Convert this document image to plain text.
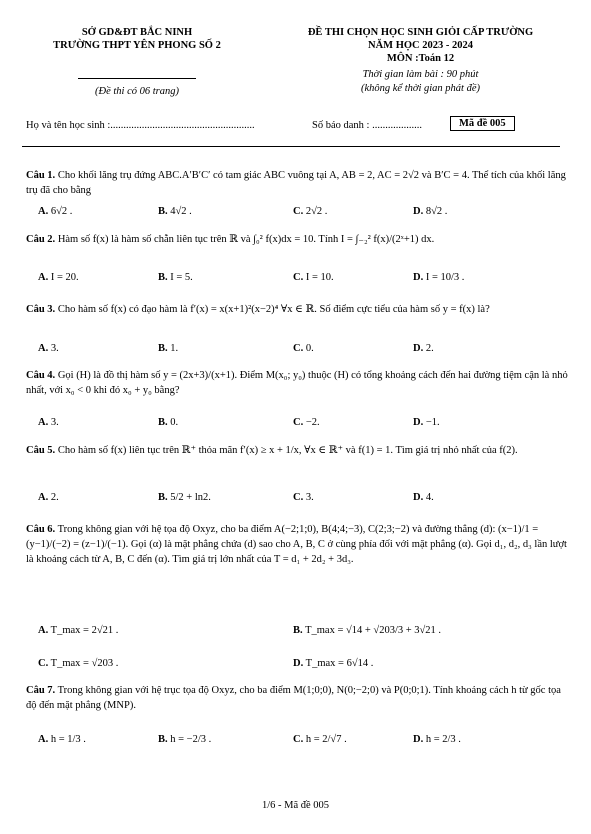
SỞ GD&ĐT BẮC NINH
TRƯỜNG THPT YÊN PHONG SỐ 2
(Đề thi có 06 trang)
ĐỀ THI CHỌN HỌC SINH GIỎI CẤP TRƯỜNG
NĂM HỌC 2023 - 2024
MÔN :Toán 12
Thời gian làm bài : 90 phút
(không kể thời gian phát đề)
Họ và tên học sinh :.......................................................	Số báo danh : ...................	Mã đề 005
Câu 1. Cho khối lăng trụ đứng ABC.A′B′C′ có tam giác ABC vuông tại A, AB = 2, AC = 2√2 và B′C = 4. Thể tích của khối lăng trụ đã cho bằng
A. 6√2 .	B. 4√2 .	C. 2√2 .	D. 8√2 .
Câu 2. Hàm số f(x) là hàm số chẵn liên tục trên ℝ và ∫₀² f(x)dx = 10. Tính I = ∫₋₂² f(x)/(2ˣ+1) dx.
A. I = 20.	B. I = 5.	C. I = 10.	D. I = 10/3 .
Câu 3. Cho hàm số f(x) có đạo hàm là f′(x) = x(x+1)²(x−2)⁴ ∀x ∈ ℝ. Số điểm cực tiểu của hàm số y = f(x) là?
A. 3.	B. 1.	C. 0.	D. 2.
Câu 4. Gọi (H) là đồ thị hàm số y = (2x+3)/(x+1). Điểm M(x₀; y₀) thuộc (H) có tổng khoảng cách đến hai đường tiệm cận là nhỏ nhất, với x₀ < 0 khi đó x₀ + y₀ bằng?
A. 3.	B. 0.	C. −2.	D. −1.
Câu 5. Cho hàm số f(x) liên tục trên ℝ⁺ thỏa mãn f′(x) ≥ x + 1/x, ∀x ∈ ℝ⁺ và f(1) = 1. Tìm giá trị nhỏ nhất của f(2).
A. 2.	B. 5/2 + ln2.	C. 3.	D. 4.
Câu 6. Trong không gian với hệ tọa độ Oxyz, cho ba điểm A(−2;1;0), B(4;4;−3), C(2;3;−2) và đường thẳng (d): (x−1)/1 = (y−1)/(−2) = (z−1)/(−1). Gọi (α) là mặt phẳng chứa (d) sao cho A, B, C ở cùng phía đối với mặt phẳng (α). Gọi d₁, d₂, d₃ lần lượt là khoảng cách từ A, B, C đến (α). Tìm giá trị lớn nhất của T = d₁ + 2d₂ + 3d₃.
A. T_max = 2√21 .	B. T_max = √14 + √203/3 + 3√21 .
C. T_max = √203 .	D. T_max = 6√14 .
Câu 7. Trong không gian với hệ trục tọa độ Oxyz, cho ba điểm M(1;0;0), N(0;−2;0) và P(0;0;1). Tính khoảng cách h từ gốc tọa độ đến mặt phẳng (MNP).
A. h = 1/3 .	B. h = −2/3 .	C. h = 2/√7 .	D. h = 2/3 .
1/6 - Mã đề 005
